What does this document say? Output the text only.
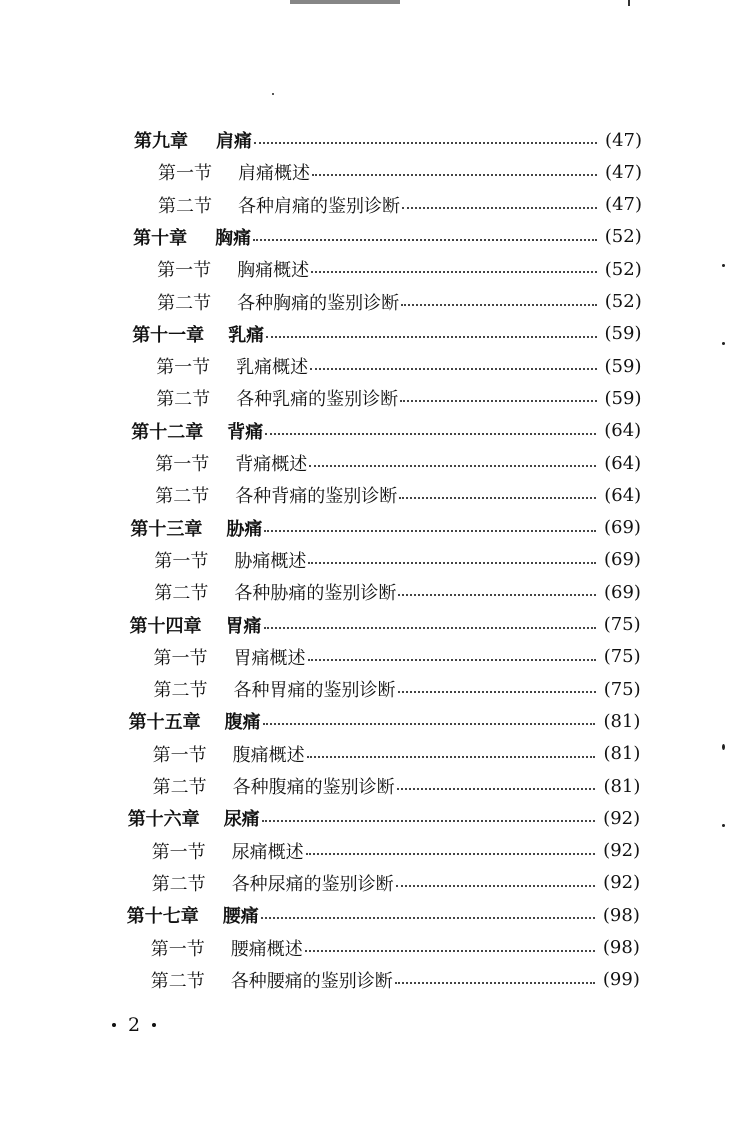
第九章 肩痛	(47)
第一节 肩痛概述	(47)
第二节 各种肩痛的鉴别诊断	(47)
第十章 胸痛	(52)
第一节 胸痛概述	(52)
第二节 各种胸痛的鉴别诊断	(52)
第十一章 乳痛	(59)
第一节 乳痛概述	(59)
第二节 各种乳痛的鉴别诊断	(59)
第十二章 背痛	(64)
第一节 背痛概述	(64)
第二节 各种背痛的鉴别诊断	(64)
第十三章 胁痛	(69)
第一节 胁痛概述	(69)
第二节 各种胁痛的鉴别诊断	(69)
第十四章 胃痛	(75)
第一节 胃痛概述	(75)
第二节 各种胃痛的鉴别诊断	(75)
第十五章 腹痛	(81)
第一节 腹痛概述	(81)
第二节 各种腹痛的鉴别诊断	(81)
第十六章 尿痛	(92)
第一节 尿痛概述	(92)
第二节 各种尿痛的鉴别诊断	(92)
第十七章 腰痛	(98)
第一节 腰痛概述	(98)
第二节 各种腰痛的鉴别诊断	(99)
2
